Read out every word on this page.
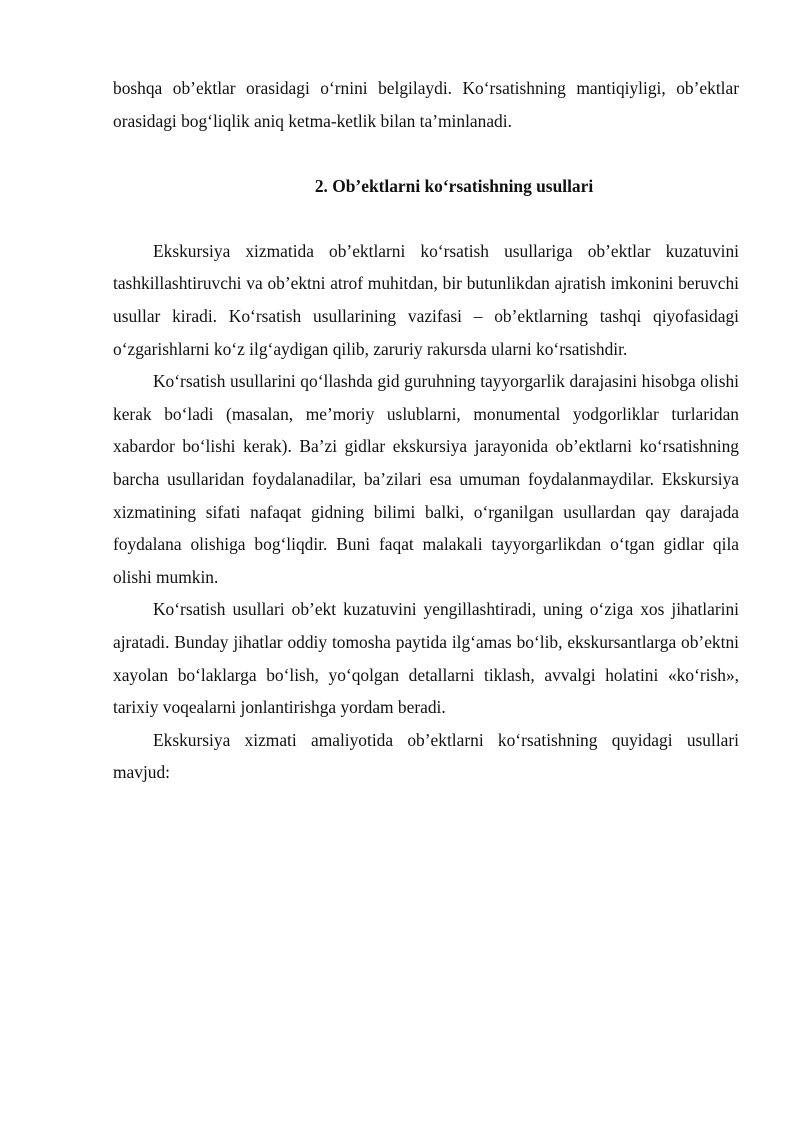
boshqa ob’ektlar orasidagi o‘rnini belgilaydi. Ko‘rsatishning mantiqiyligi, ob’ektlar orasidagi bog‘liqlik aniq ketma-ketlik bilan ta’minlanadi.

2. Ob’ektlarni ko‘rsatishning usullari

Ekskursiya xizmatida ob’ektlarni ko‘rsatish usullariga ob’ektlar kuzatuvini tashkillashtiruvchi va ob’ektni atrof muhitdan, bir butunlikdan ajratish imkonini beruvchi usullar kiradi. Ko‘rsatish usullarining vazifasi – ob’ektlarning tashqi qiyofasidagi o‘zgarishlarni ko‘z ilg‘aydigan qilib, zaruriy rakursda ularni ko‘rsatishdir.

Ko‘rsatish usullarini qo‘llashda gid guruhning tayyorgarlik darajasini hisobga olishi kerak bo‘ladi (masalan, me’moriy uslublarni, monumental yodgorliklar turlaridan xabardor bo‘lishi kerak). Ba’zi gidlar ekskursiya jarayonida ob’ektlarni ko‘rsatishning barcha usullaridan foydalanadilar, ba’zilari esa umuman foydalanmaydilar. Ekskursiya xizmatining sifati nafaqat gidning bilimi balki, o‘rganilgan usullardan qay darajada foydalana olishiga bog‘liqdir. Buni faqat malakali tayyorgarlikdan o‘tgan gidlar qila olishi mumkin.

Ko‘rsatish usullari ob’ekt kuzatuvini yengillashtiradi, uning o‘ziga xos jihatlarini ajratadi. Bunday jihatlar oddiy tomosha paytida ilg‘amas bo‘lib, ekskursantlarga ob’ektni xayolan bo‘laklarga bo‘lish, yo‘qolgan detallarni tiklash, avvalgi holatini «ko‘rish», tarixiy voqealarni jonlantirishga yordam beradi.

Ekskursiya xizmati amaliyotida ob’ektlarni ko‘rsatishning quyidagi usullari mavjud:
